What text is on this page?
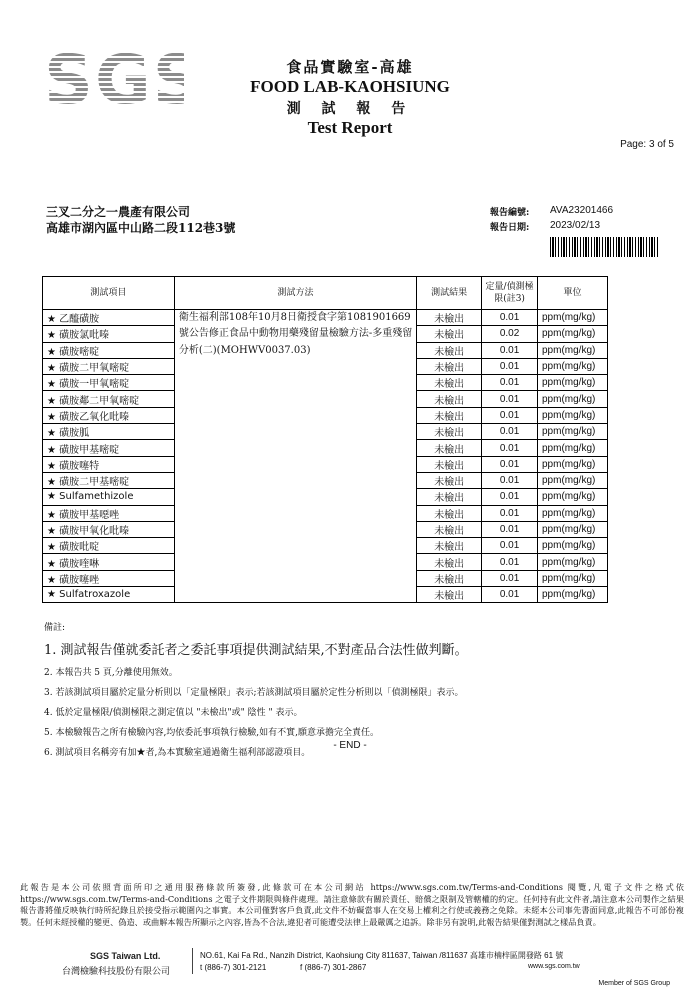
SGS	食品實驗室-高雄
FOOD LAB-KAOHSIUNG
測 試 報 告
Test Report
Page: 3 of 5
三叉二分之一農產有限公司
高雄市湖內區中山路二段112巷3號
報告編號: AVA23201466
報告日期: 2023/02/13
測試項目	測試方法	測試結果	定量/偵測極限(註3)	單位
★ 乙醯磺胺	衛生福利部108年10月8日衛授食字第1081901669號公告修正食品中動物用藥殘留量檢驗方法-多重殘留分析(二)(MOHWV0037.03)	未檢出	0.01	ppm(mg/kg)
★ 磺胺氯吡嗪		未檢出	0.02	ppm(mg/kg)
★ 磺胺嘧啶		未檢出	0.01	ppm(mg/kg)
★ 磺胺二甲氧嘧啶		未檢出	0.01	ppm(mg/kg)
★ 磺胺一甲氧嘧啶		未檢出	0.01	ppm(mg/kg)
★ 磺胺鄰二甲氧嘧啶		未檢出	0.01	ppm(mg/kg)
★ 磺胺乙氧化吡嗪		未檢出	0.01	ppm(mg/kg)
★ 磺胺胍		未檢出	0.01	ppm(mg/kg)
★ 磺胺甲基嘧啶		未檢出	0.01	ppm(mg/kg)
★ 磺胺噻特		未檢出	0.01	ppm(mg/kg)
★ 磺胺二甲基嘧啶		未檢出	0.01	ppm(mg/kg)
★ Sulfamethizole		未檢出	0.01	ppm(mg/kg)
★ 磺胺甲基噁唑		未檢出	0.01	ppm(mg/kg)
★ 磺胺甲氧化吡嗪		未檢出	0.01	ppm(mg/kg)
★ 磺胺吡啶		未檢出	0.01	ppm(mg/kg)
★ 磺胺喹啉		未檢出	0.01	ppm(mg/kg)
★ 磺胺噻唑		未檢出	0.01	ppm(mg/kg)
★ Sulfatroxazole		未檢出	0.01	ppm(mg/kg)
備註:
1. 測試報告僅就委託者之委託事項提供測試結果,不對產品合法性做判斷。
2. 本報告共 5 頁,分離使用無效。
3. 若該測試項目屬於定量分析則以「定量極限」表示;若該測試項目屬於定性分析則以「偵測極限」表示。
4. 低於定量極限/偵測極限之測定值以 "未檢出"或" 陰性 " 表示。
5. 本檢驗報告之所有檢驗內容,均依委託事項執行檢驗,如有不實,願意承擔完全責任。
6. 測試項目名稱旁有加★者,為本實驗室通過衛生福利部認證項目。
- END -
此報告是本公司依照背面所印之通用服務條款所簽發,此條款可在本公司網站 https://www.sgs.com.tw/Terms-and-Conditions 閱覽,凡電子文件之格式依 https://www.sgs.com.tw/Terms-and-Conditions 之電子文件期限與條件處理。請注意條款有關於責任、賠償之限制及管轄權的約定。任何持有此文件者,請注意本公司製作之結果報告書將僅反映執行時所紀錄且於接受指示範圍內之事實。本公司僅對客戶負責,此文件不妨礙當事人在交易上權利之行使或義務之免除。未經本公司事先書面同意,此報告不可部份複製。任何未經授權的變更、偽造、或曲解本報告所顯示之內容,皆為不合法,違犯者可能遭受法律上最嚴厲之追訴。除非另有說明,此報告結果僅對測試之樣品負責。
SGS Taiwan Ltd.
台灣檢驗科技股份有限公司
NO.61, Kai Fa Rd., Nanzih District, Kaohsiung City 811637, Taiwan /811637 高雄市楠梓區開發路 61 號
t (886-7) 301-2121	f (886-7) 301-2867	www.sgs.com.tw
Member of SGS Group
